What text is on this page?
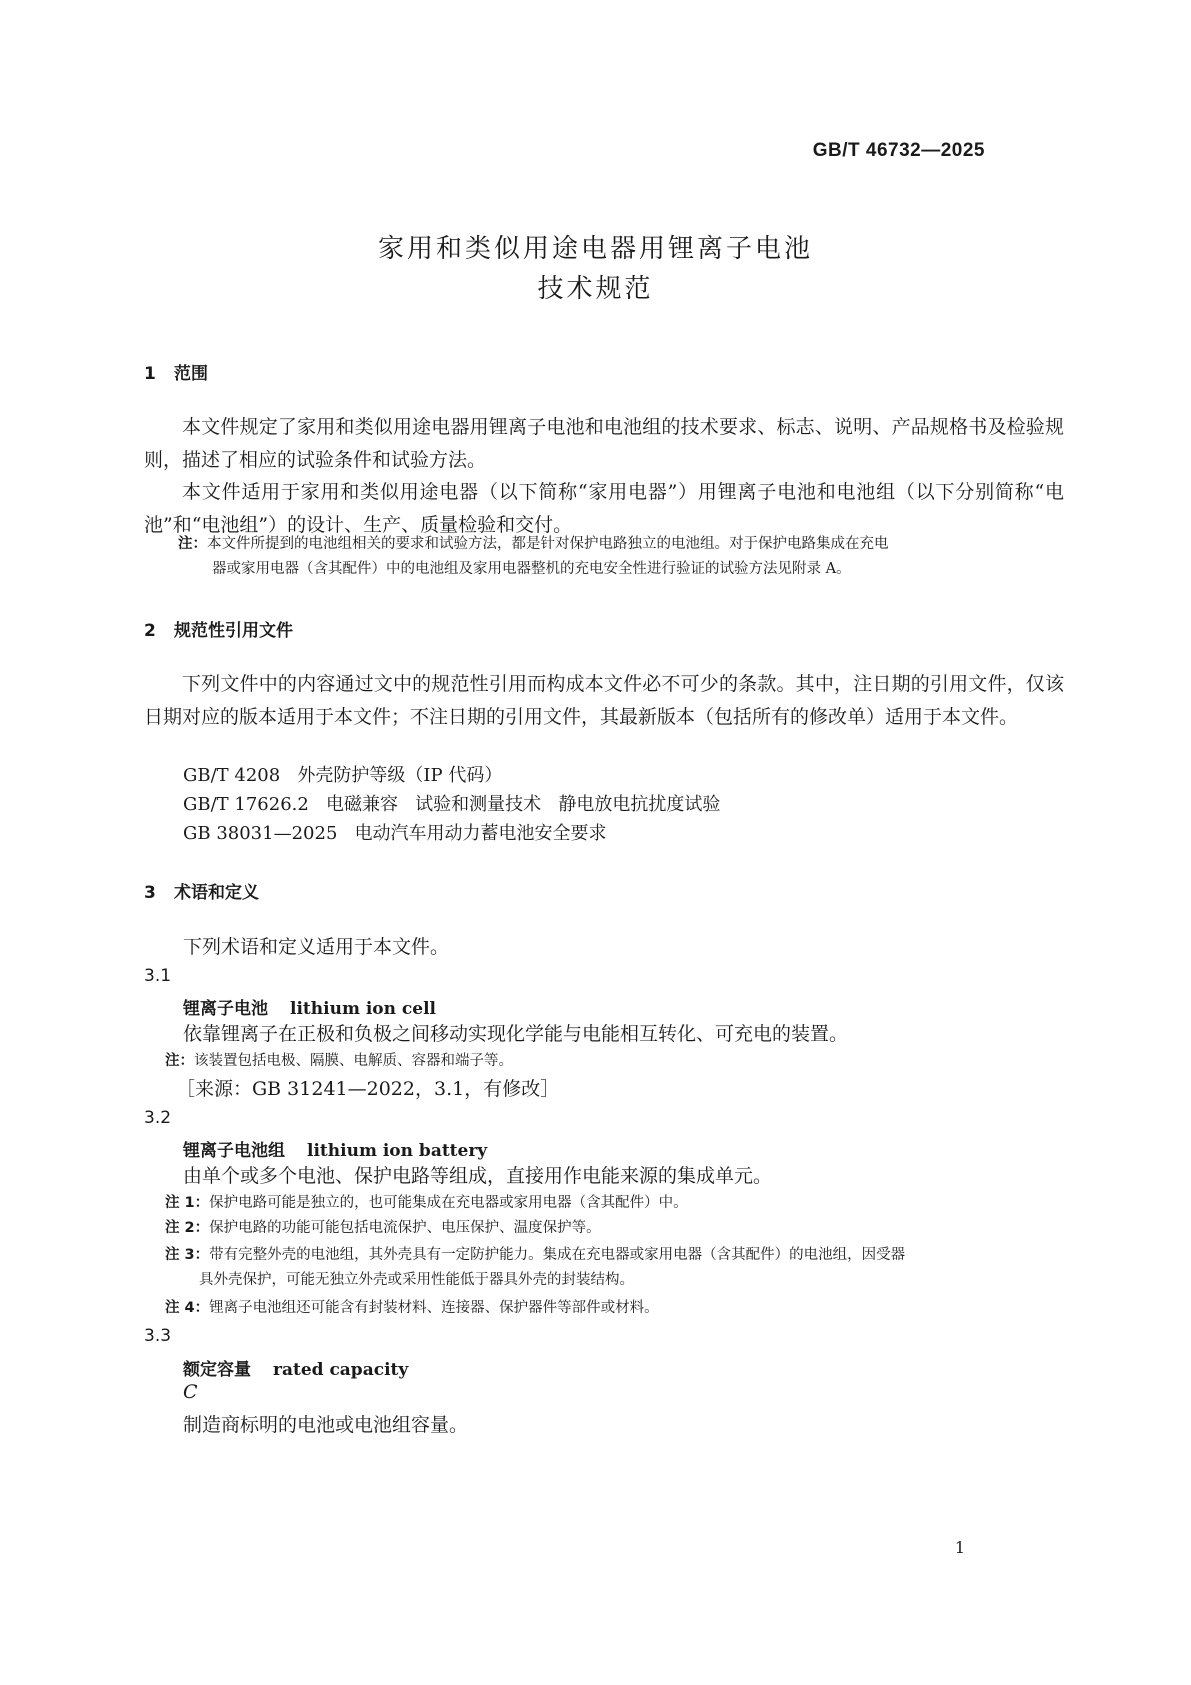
GB/T 46732—2025
家用和类似用途电器用锂离子电池
技术规范
1 范围

本文件规定了家用和类似用途电器用锂离子电池和电池组的技术要求、标志、说明、产品规格书及检验规则，描述了相应的试验条件和试验方法。

本文件适用于家用和类似用途电器（以下简称“家用电器”）用锂离子电池和电池组（以下分别简称“电池”和“电池组”）的设计、生产、质量检验和交付。

注：本文件所提到的电池组相关的要求和试验方法，都是针对保护电路独立的电池组。对于保护电路集成在充电
器或家用电器（含其配件）中的电池组及家用电器整机的充电安全性进行验证的试验方法见附录 A。
2 规范性引用文件

下列文件中的内容通过文中的规范性引用而构成本文件必不可少的条款。其中，注日期的引用文件，仅该日期对应的版本适用于本文件；不注日期的引用文件，其最新版本（包括所有的修改单）适用于本文件。

GB/T 4208   外壳防护等级（IP 代码）
GB/T 17626.2   电磁兼容   试验和测量技术   静电放电抗扰度试验
GB 38031—2025   电动汽车用动力蓄电池安全要求
3 术语和定义
下列术语和定义适用于本文件。
3.1
锂离子电池 lithium ion cell
依靠锂离子在正极和负极之间移动实现化学能与电能相互转化、可充电的装置。
注：该装置包括电极、隔膜、电解质、容器和端子等。
［来源：GB 31241—2022，3.1，有修改］
3.2
锂离子电池组 lithium ion battery
由单个或多个电池、保护电路等组成，直接用作电能来源的集成单元。
注 1：保护电路可能是独立的，也可能集成在充电器或家用电器（含其配件）中。
注 2：保护电路的功能可能包括电流保护、电压保护、温度保护等。
注 3：带有完整外壳的电池组，其外壳具有一定防护能力。集成在充电器或家用电器（含其配件）的电池组，因受器
具外壳保护，可能无独立外壳或采用性能低于器具外壳的封装结构。
注 4：锂离子电池组还可能含有封装材料、连接器、保护器件等部件或材料。
3.3
额定容量 rated capacity
C
制造商标明的电池或电池组容量。
1
